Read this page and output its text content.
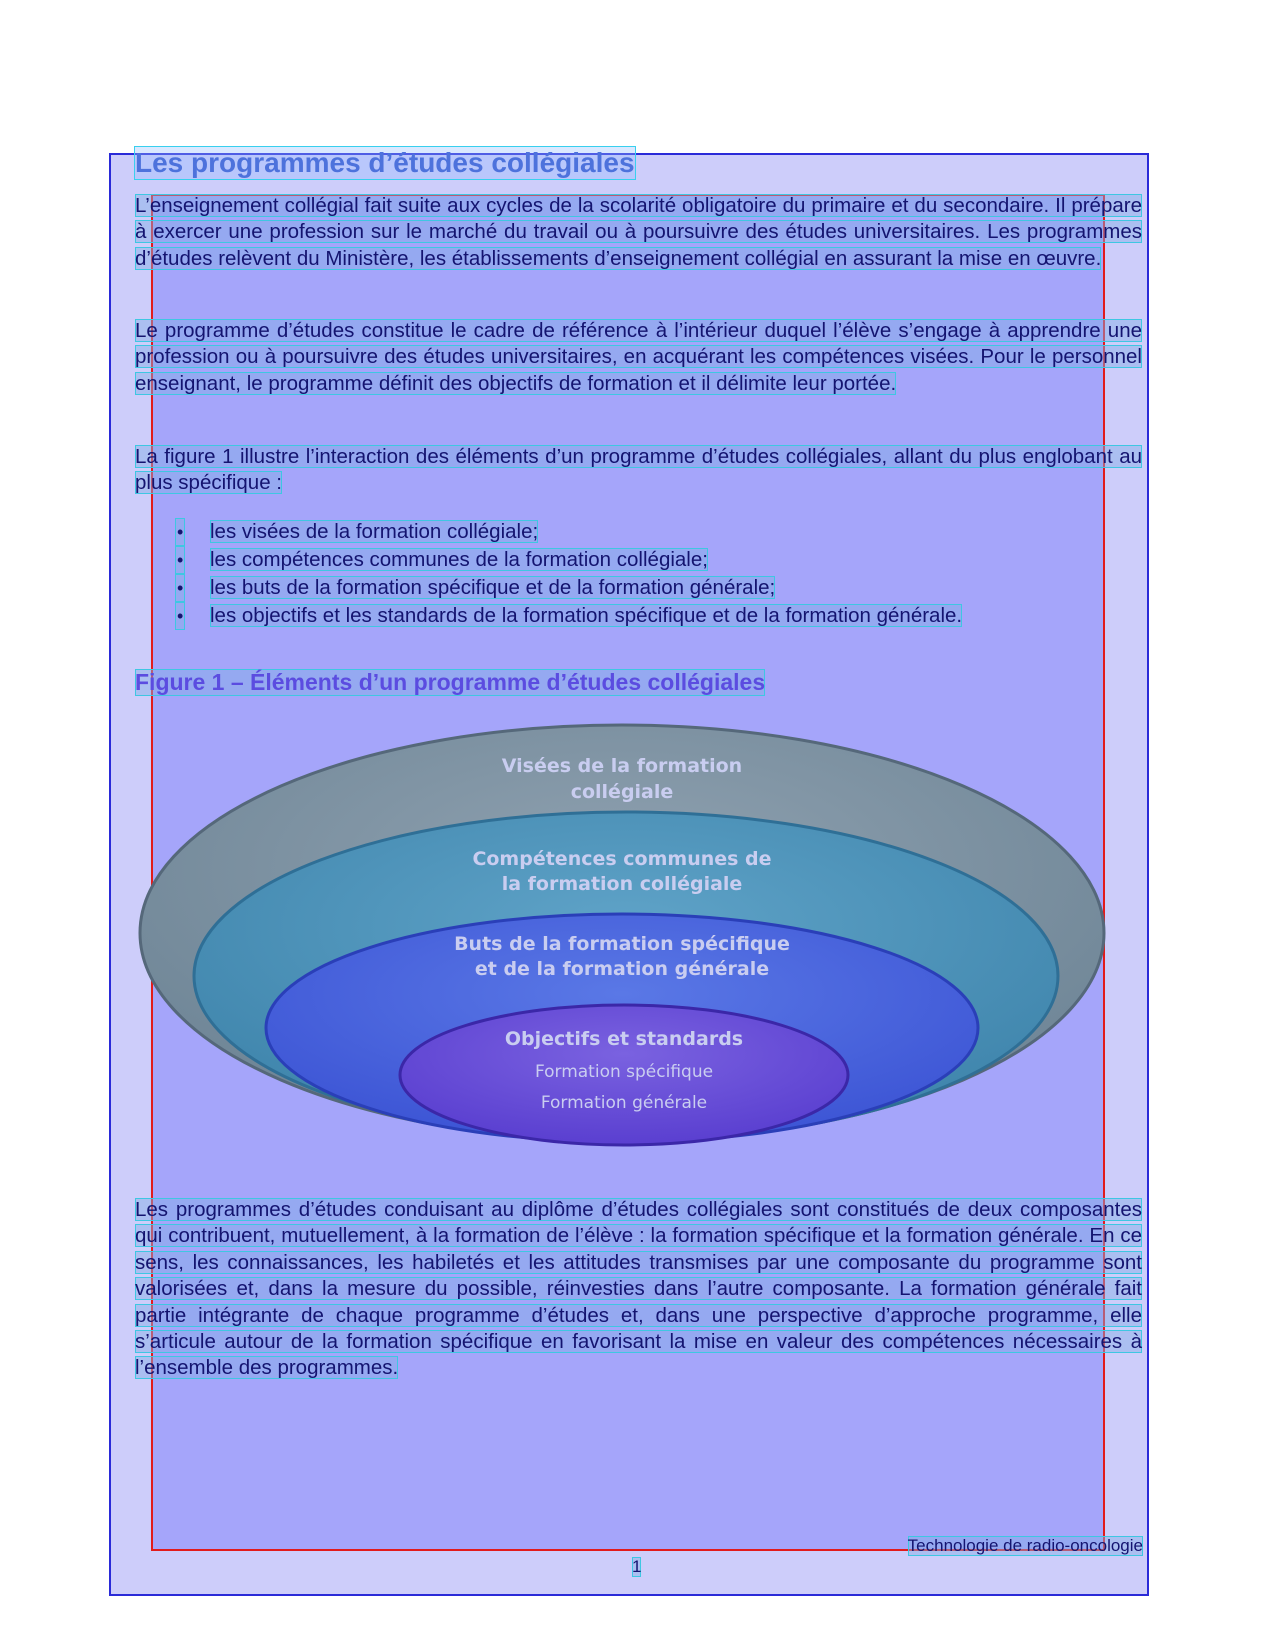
Les programmes d’études collégiales

L’enseignement collégial fait suite aux cycles de la scolarité obligatoire du primaire et du secondaire. Il prépare à exercer une profession sur le marché du travail ou à poursuivre des études universitaires. Les programmes d’études relèvent du Ministère, les établissements d’enseignement collégial en assurant la mise en œuvre.

Le programme d’études constitue le cadre de référence à l’intérieur duquel l’élève s’engage à apprendre une profession ou à poursuivre des études universitaires, en acquérant les compétences visées. Pour le personnel enseignant, le programme définit des objectifs de formation et il délimite leur portée.

La figure 1 illustre l’interaction des éléments d’un programme d’études collégiales, allant du plus englobant au plus spécifique :

• les visées de la formation collégiale;
• les compétences communes de la formation collégiale;
• les buts de la formation spécifique et de la formation générale;
• les objectifs et les standards de la formation spécifique et de la formation générale.
Figure 1 – Éléments d’un programme d’études collégiales
Visées de la formation
collégiale
Compétences communes de
la formation collégiale
Buts de la formation spécifique
et de la formation générale
Objectifs et standards
Formation spécifique
Formation générale

Les programmes d’études conduisant au diplôme d’études collégiales sont constitués de deux composantes qui contribuent, mutuellement, à la formation de l’élève : la formation spécifique et la formation générale. En ce sens, les connaissances, les habiletés et les attitudes transmises par une composante du programme sont valorisées et, dans la mesure du possible, réinvesties dans l’autre composante. La formation générale fait partie intégrante de chaque programme d’études et, dans une perspective d’approche programme, elle s’articule autour de la formation spécifique en favorisant la mise en valeur des compétences nécessaires à l’ensemble des programmes.

Technologie de radio-oncologie

1
